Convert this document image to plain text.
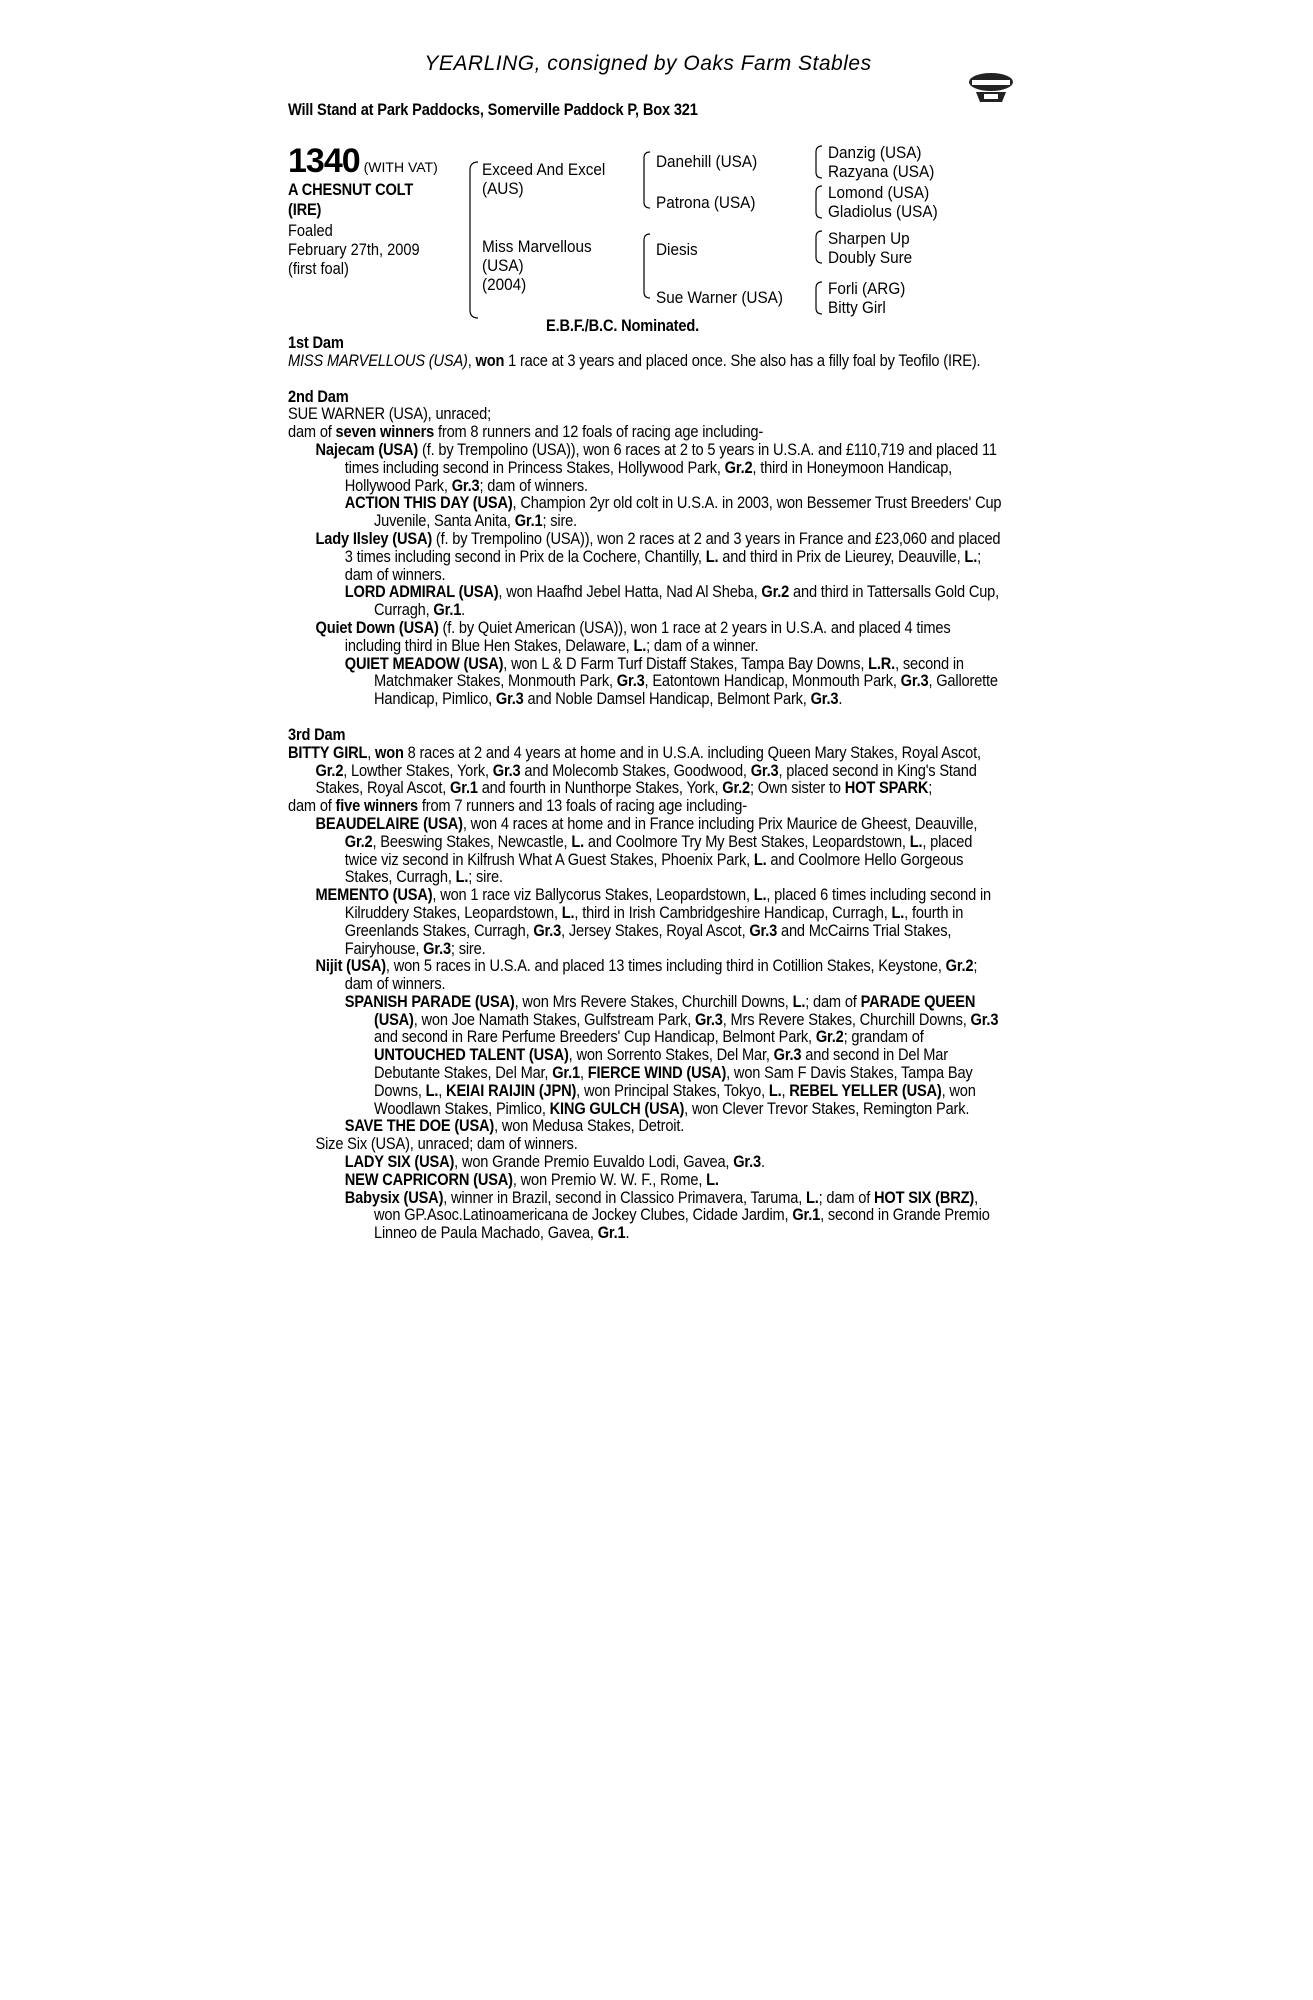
YEARLING, consigned by Oaks Farm Stables
Will Stand at Park Paddocks, Somerville Paddock P, Box 321
1340 (WITH VAT)
A CHESNUT COLT
(IRE)
Foaled
February 27th, 2009
(first foal)
Exceed And Excel
(AUS)
Miss Marvellous
(USA)
(2004)
Danehill (USA)
Patrona (USA)
Diesis
Sue Warner (USA)
Danzig (USA)
Razyana (USA)
Lomond (USA)
Gladiolus (USA)
Sharpen Up
Doubly Sure
Forli (ARG)
Bitty Girl
E.B.F./B.C. Nominated.
1st Dam

MISS MARVELLOUS (USA), won 1 race at 3 years and placed once. She also has a filly foal by Teofilo (IRE).

2nd Dam

SUE WARNER (USA), unraced;

dam of seven winners from 8 runners and 12 foals of racing age including-

Najecam (USA) (f. by Trempolino (USA)), won 6 races at 2 to 5 years in U.S.A. and £110,719 and placed 11 times including second in Princess Stakes, Hollywood Park, Gr.2, third in Honeymoon Handicap, Hollywood Park, Gr.3; dam of winners.

ACTION THIS DAY (USA), Champion 2yr old colt in U.S.A. in 2003, won Bessemer Trust Breeders' Cup Juvenile, Santa Anita, Gr.1; sire.

Lady Ilsley (USA) (f. by Trempolino (USA)), won 2 races at 2 and 3 years in France and £23,060 and placed 3 times including second in Prix de la Cochere, Chantilly, L. and third in Prix de Lieurey, Deauville, L.; dam of winners.

LORD ADMIRAL (USA), won Haafhd Jebel Hatta, Nad Al Sheba, Gr.2 and third in Tattersalls Gold Cup, Curragh, Gr.1.

Quiet Down (USA) (f. by Quiet American (USA)), won 1 race at 2 years in U.S.A. and placed 4 times including third in Blue Hen Stakes, Delaware, L.; dam of a winner.

QUIET MEADOW (USA), won L & D Farm Turf Distaff Stakes, Tampa Bay Downs, L.R., second in Matchmaker Stakes, Monmouth Park, Gr.3, Eatontown Handicap, Monmouth Park, Gr.3, Gallorette Handicap, Pimlico, Gr.3 and Noble Damsel Handicap, Belmont Park, Gr.3.

3rd Dam

BITTY GIRL, won 8 races at 2 and 4 years at home and in U.S.A. including Queen Mary Stakes, Royal Ascot, Gr.2, Lowther Stakes, York, Gr.3 and Molecomb Stakes, Goodwood, Gr.3, placed second in King's Stand Stakes, Royal Ascot, Gr.1 and fourth in Nunthorpe Stakes, York, Gr.2; Own sister to HOT SPARK;

dam of five winners from 7 runners and 13 foals of racing age including-

BEAUDELAIRE (USA), won 4 races at home and in France including Prix Maurice de Gheest, Deauville, Gr.2, Beeswing Stakes, Newcastle, L. and Coolmore Try My Best Stakes, Leopardstown, L., placed twice viz second in Kilfrush What A Guest Stakes, Phoenix Park, L. and Coolmore Hello Gorgeous Stakes, Curragh, L.; sire.

MEMENTO (USA), won 1 race viz Ballycorus Stakes, Leopardstown, L., placed 6 times including second in Kilruddery Stakes, Leopardstown, L., third in Irish Cambridgeshire Handicap, Curragh, L., fourth in Greenlands Stakes, Curragh, Gr.3, Jersey Stakes, Royal Ascot, Gr.3 and McCairns Trial Stakes, Fairyhouse, Gr.3; sire.

Nijit (USA), won 5 races in U.S.A. and placed 13 times including third in Cotillion Stakes, Keystone, Gr.2; dam of winners.

SPANISH PARADE (USA), won Mrs Revere Stakes, Churchill Downs, L.; dam of PARADE QUEEN (USA), won Joe Namath Stakes, Gulfstream Park, Gr.3, Mrs Revere Stakes, Churchill Downs, Gr.3 and second in Rare Perfume Breeders' Cup Handicap, Belmont Park, Gr.2; grandam of UNTOUCHED TALENT (USA), won Sorrento Stakes, Del Mar, Gr.3 and second in Del Mar Debutante Stakes, Del Mar, Gr.1, FIERCE WIND (USA), won Sam F Davis Stakes, Tampa Bay Downs, L., KEIAI RAIJIN (JPN), won Principal Stakes, Tokyo, L., REBEL YELLER (USA), won Woodlawn Stakes, Pimlico, KING GULCH (USA), won Clever Trevor Stakes, Remington Park.

SAVE THE DOE (USA), won Medusa Stakes, Detroit.

Size Six (USA), unraced; dam of winners.

LADY SIX (USA), won Grande Premio Euvaldo Lodi, Gavea, Gr.3.

NEW CAPRICORN (USA), won Premio W. W. F., Rome, L.

Babysix (USA), winner in Brazil, second in Classico Primavera, Taruma, L.; dam of HOT SIX (BRZ), won GP.Asoc.Latinoamericana de Jockey Clubes, Cidade Jardim, Gr.1, second in Grande Premio Linneo de Paula Machado, Gavea, Gr.1.
